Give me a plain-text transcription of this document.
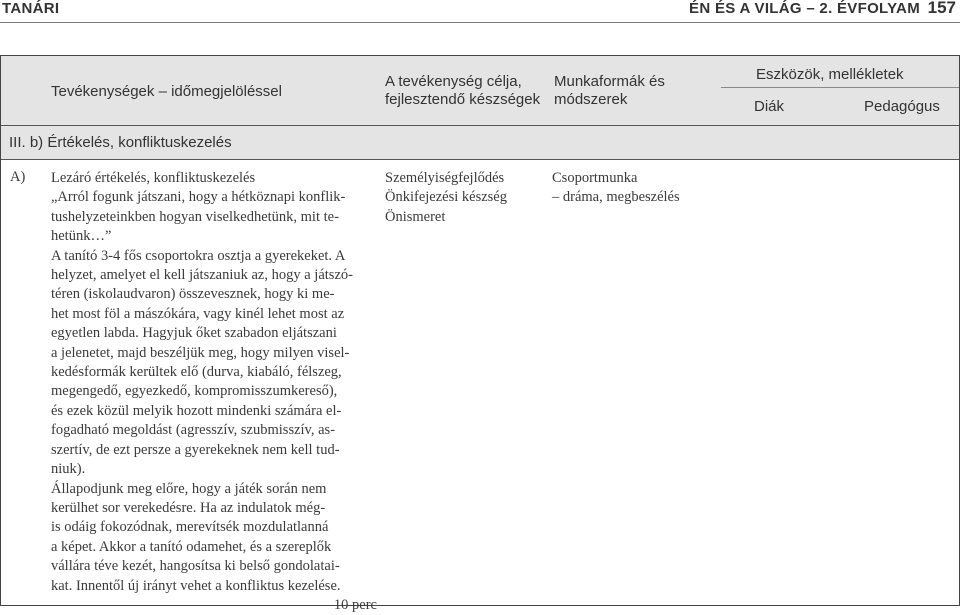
TANÁRI	ÉN ÉS A VILÁG – 2. ÉVFOLYAM 157
Tevékenységek – időmegjelöléssel
A tevékenység célja,
fejlesztendő készségek
Munkaformák és
módszerek
Eszközök, mellékletek
Diák	Pedagógus
III. b) Értékelés, konfliktuskezelés
A) Lezáró értékelés, konfliktuskezelés

„Arról fogunk játszani, hogy a hétköznapi konflik-

tushelyzeteinkben hogyan viselkedhetünk, mit te-

hetünk…”

A tanító 3-4 fős csoportokra osztja a gyerekeket. A

helyzet, amelyet el kell játszaniuk az, hogy a játszó-

téren (iskolaudvaron) összevesznek, hogy ki me-

het most föl a mászókára, vagy kinél lehet most az

egyetlen labda. Hagyjuk őket szabadon eljátszani

a jelenetet, majd beszéljük meg, hogy milyen visel-

kedésformák kerültek elő (durva, kiabáló, félszeg,

megengedő, egyezkedő, kompromisszumkereső),

és ezek közül melyik hozott mindenki számára el-

fogadható megoldást (agresszív, szubmisszív, as-

szertív, de ezt persze a gyerekeknek nem kell tud-

niuk).

Állapodjunk meg előre, hogy a játék során nem

kerülhet sor verekedésre. Ha az indulatok még-

is odáig fokozódnak, merevítsék mozdulatlanná

a képet. Akkor a tanító odamehet, és a szereplők

vállára téve kezét, hangosítsa ki belső gondolatai-

kat. Innentől új irányt vehet a konfliktus kezelése.

10 perc

Személyiségfejlődés
Önkifejezési készség
Önismeret
Csoportmunka
– dráma, megbeszélés
